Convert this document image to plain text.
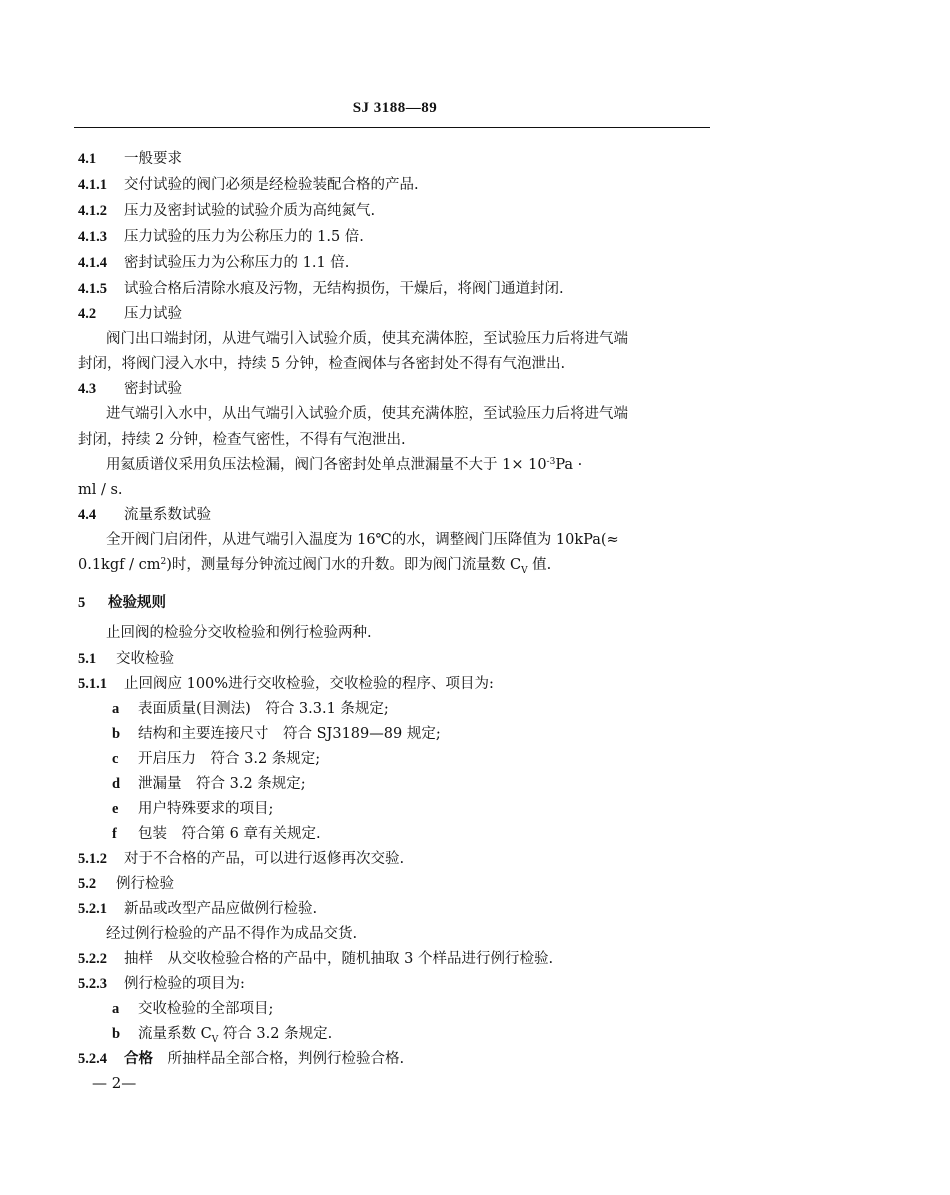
SJ 3188—89
4.1 一般要求
4.1.1 交付试验的阀门必须是经检验装配合格的产品.
4.1.2 压力及密封试验的试验介质为高纯氮气.
4.1.3 压力试验的压力为公称压力的 1.5 倍.
4.1.4 密封试验压力为公称压力的 1.1 倍.
4.1.5 试验合格后清除水痕及污物，无结构损伤，干燥后，将阀门通道封闭.
4.2 压力试验
阀门出口端封闭，从进气端引入试验介质，使其充满体腔，至试验压力后将进气端
封闭，将阀门浸入水中，持续 5 分钟，检查阀体与各密封处不得有气泡泄出.
4.3 密封试验
进气端引入水中，从出气端引入试验介质，使其充满体腔，至试验压力后将进气端
封闭，持续 2 分钟，检查气密性，不得有气泡泄出.
用氦质谱仪采用负压法检漏，阀门各密封处单点泄漏量不大于 $1\times 10^{-3}Pa$ ·
ml / s.
4.4 流量系数试验
全开阀门启闭件，从进气端引入温度为 16℃的水，调整阀门压降值为 10kPa(≈
$0.1kgf / cm^2$)时，测量每分钟流过阀门水的升数。即为阀门流量数 $C_V$ 值.
5 检验规则
止回阀的检验分交收检验和例行检验两种.
5.1 交收检验
5.1.1 止回阀应 100%进行交收检验，交收检验的程序、项目为:
a 表面质量(目测法)　符合 3.3.1 条规定;
b 结构和主要连接尺寸　符合 SJ3189—89 规定;
c 开启压力　符合 3.2 条规定;
d 泄漏量　符合 3.2 条规定;
e 用户特殊要求的项目;
f 包装　符合第 6 章有关规定.
5.1.2 对于不合格的产品，可以进行返修再次交验.
5.2 例行检验
5.2.1 新品或改型产品应做例行检验.
经过例行检验的产品不得作为成品交货.
5.2.2 抽样　 从交收检验合格的产品中，随机抽取 3 个样品进行例行检验.
5.2.3 例行检验的项目为:
a 交收检验的全部项目;
b 流量系数 $C_V$ 符合 3.2 条规定.
5.2.4 合格　 所抽样品全部合格，判例行检验合格.
— 2—
